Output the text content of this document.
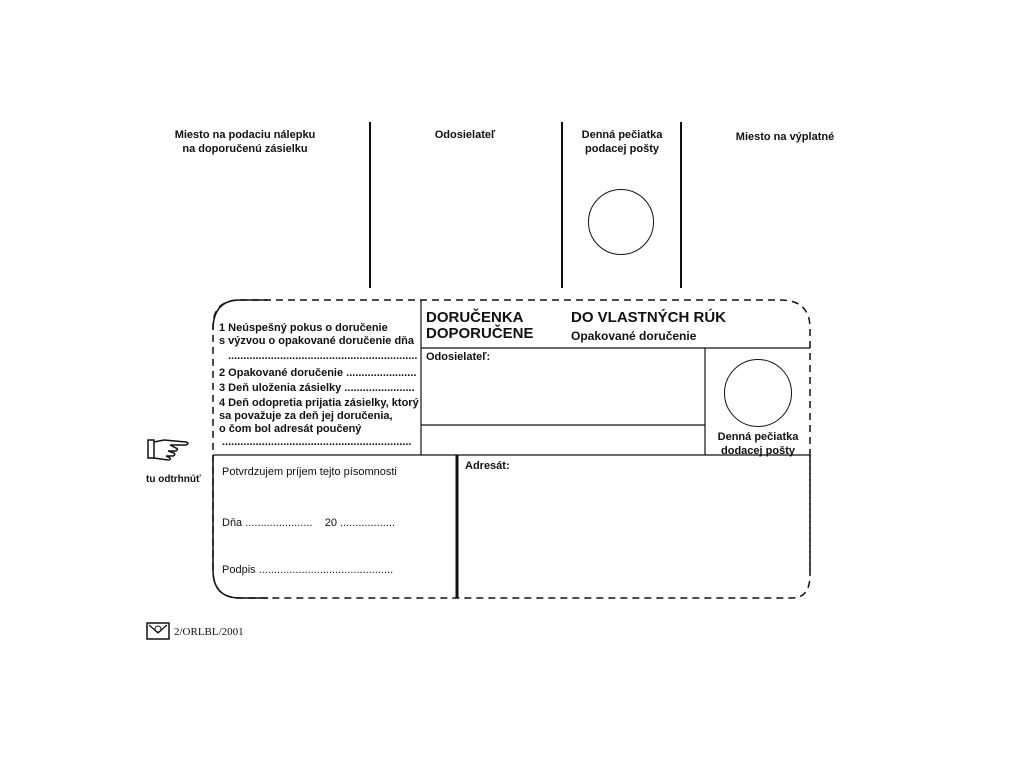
Miesto na podaciu nálepku
na doporučenú zásielku
Odosielateľ	Denná pečiatka
podacej pošty
Miesto na výplatné
1 Neúspešný pokus o doručenie
s výzvou o opakované doručenie dňa
..............................................................
2 Opakované doručenie .......................
3 Deň uloženia zásielky .......................
4 Deň odopretia prijatia zásielky, ktorý
sa považuje za deň jej doručenia,
o čom bol adresát poučený
..............................................................
DORUČENKA
DOPORUČENE
DO VLASTNÝCH RÚK
Opakované doručenie
Odosielateľ:
Denná pečiatka
dodacej pošty
tu odtrhnúť
Potvrdzujem príjem tejto písomnosti
Dňa ......................    20 ..................
Podpis ............................................
Adresát:
2/ORLBL/2001
